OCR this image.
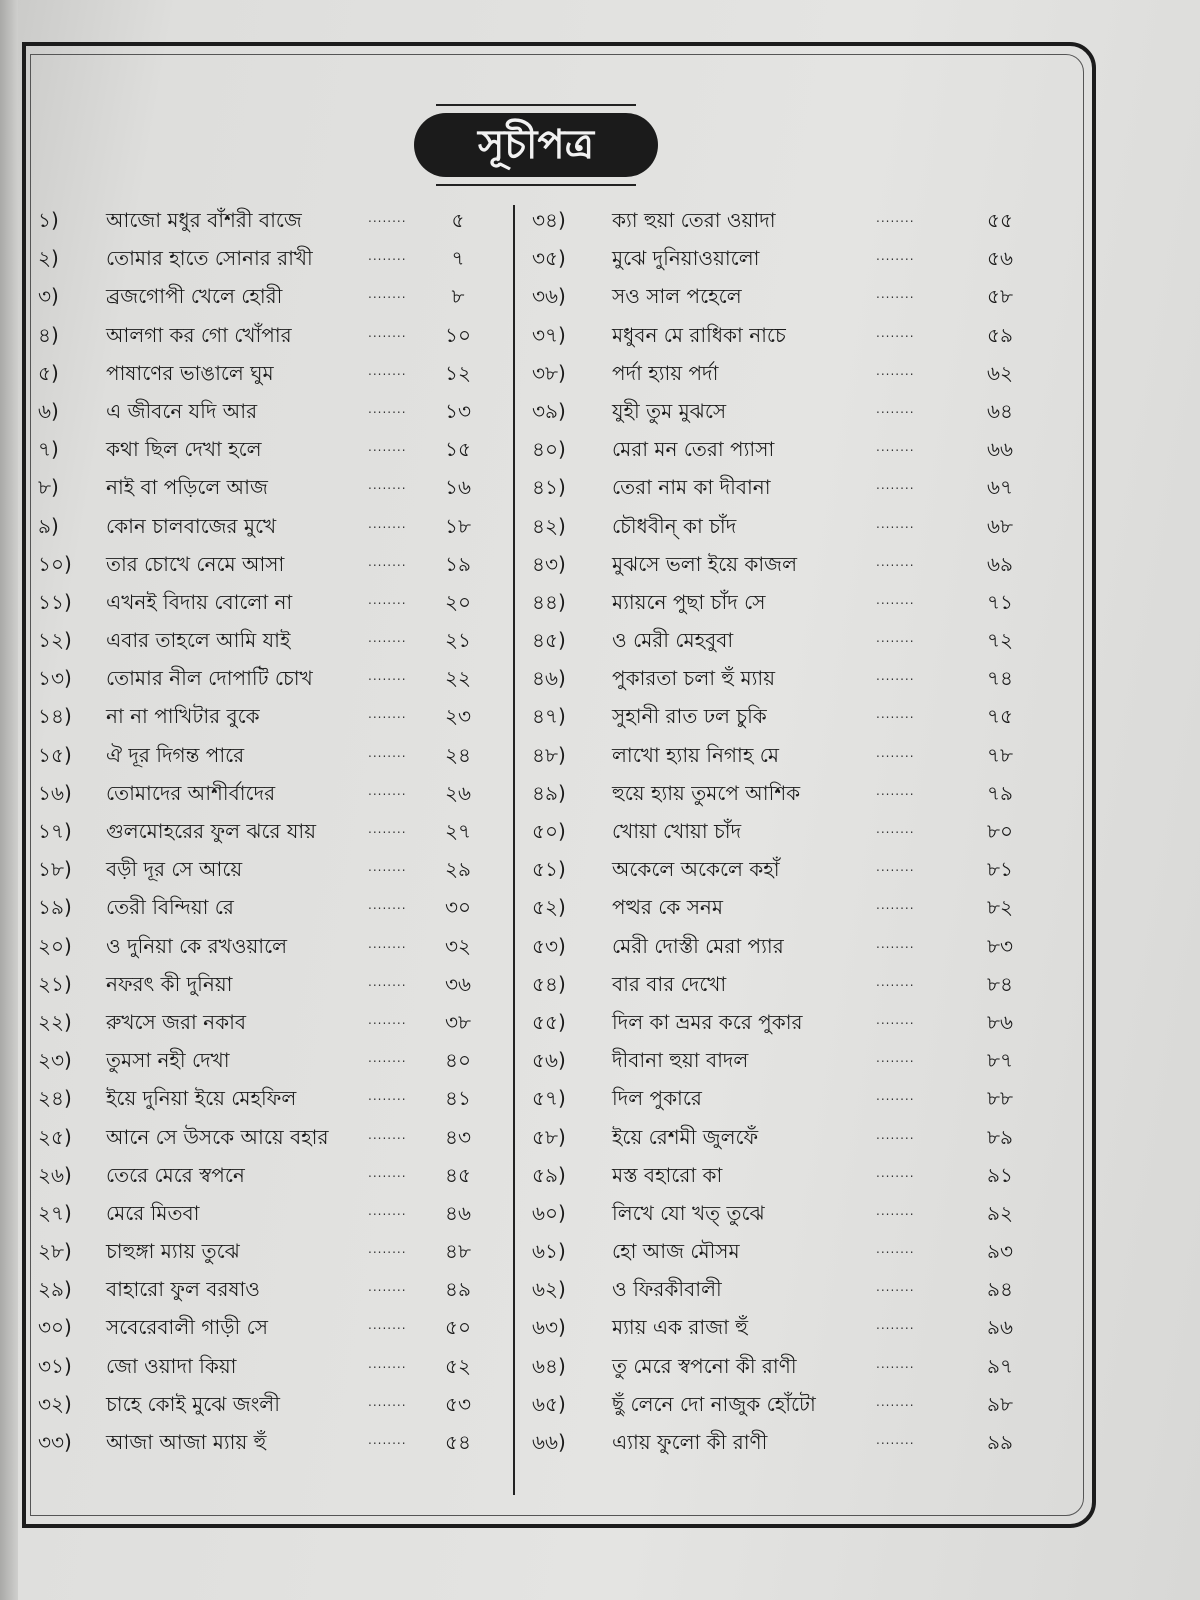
সূচীপত্র
১)	আজো মধুর বাঁশরী বাজে	........	৫
২)	তোমার হাতে সোনার রাখী	........	৭
৩)	ব্রজগোপী খেলে হোরী	........	৮
৪)	আলগা কর গো খোঁপার	........	১০
৫)	পাষাণের ভাঙালে ঘুম	........	১২
৬)	এ জীবনে যদি আর	........	১৩
৭)	কথা ছিল দেখা হলে	........	১৫
৮)	নাই বা পড়িলে আজ	........	১৬
৯)	কোন চালবাজের মুখে	........	১৮
১০)	তার চোখে নেমে আসা	........	১৯
১১)	এখনই বিদায় বোলো না	........	২০
১২)	এবার তাহলে আমি যাই	........	২১
১৩)	তোমার নীল দোপাটি চোখ	........	২২
১৪)	না না পাখিটার বুকে	........	২৩
১৫)	ঐ দূর দিগন্ত পারে	........	২৪
১৬)	তোমাদের আশীর্বাদের	........	২৬
১৭)	গুলমোহরের ফুল ঝরে যায়	........	২৭
১৮)	বড়ী দূর সে আয়ে	........	২৯
১৯)	তেরী বিন্দিয়া রে	........	৩০
২০)	ও দুনিয়া কে রখওয়ালে	........	৩২
২১)	নফরৎ কী দুনিয়া	........	৩৬
২২)	রুখসে জরা নকাব	........	৩৮
২৩)	তুমসা নহী দেখা	........	৪০
২৪)	ইয়ে দুনিয়া ইয়ে মেহফিল	........	৪১
২৫)	আনে সে উসকে আয়ে বহার	........	৪৩
২৬)	তেরে মেরে স্বপনে	........	৪৫
২৭)	মেরে মিতবা	........	৪৬
২৮)	চাহুঙ্গা ম্যায় তুঝে	........	৪৮
২৯)	বাহারো ফুল বরষাও	........	৪৯
৩০)	সবেরেবালী গাড়ী সে	........	৫০
৩১)	জো ওয়াদা কিয়া	........	৫২
৩২)	চাহে কোই মুঝে জংলী	........	৫৩
৩৩)	আজা আজা ম্যায় হুঁ	........	৫৪
৩৪)	ক্যা হুয়া তেরা ওয়াদা	........	৫৫
৩৫)	মুঝে দুনিয়াওয়ালো	........	৫৬
৩৬)	সও সাল পহেলে	........	৫৮
৩৭)	মধুবন মে রাধিকা নাচে	........	৫৯
৩৮)	পর্দা হ্যায় পর্দা	........	৬২
৩৯)	যুহী তুম মুঝসে	........	৬৪
৪০)	মেরা মন তেরা প্যাসা	........	৬৬
৪১)	তেরা নাম কা দীবানা	........	৬৭
৪২)	চৌধবীন্ কা চাঁদ	........	৬৮
৪৩)	মুঝসে ভলা ইয়ে কাজল	........	৬৯
৪৪)	ম্যায়নে পুছা চাঁদ সে	........	৭১
৪৫)	ও মেরী মেহবুবা	........	৭২
৪৬)	পুকারতা চলা হুঁ ম্যায়	........	৭৪
৪৭)	সুহানী রাত ঢল চুকি	........	৭৫
৪৮)	লাখো হ্যায় নিগাহ মে	........	৭৮
৪৯)	হুয়ে হ্যায় তুমপে আশিক	........	৭৯
৫০)	খোয়া খোয়া চাঁদ	........	৮০
৫১)	অকেলে অকেলে কহাঁ	........	৮১
৫২)	পত্থর কে সনম	........	৮২
৫৩)	মেরী দোস্তী মেরা প্যার	........	৮৩
৫৪)	বার বার দেখো	........	৮৪
৫৫)	দিল কা ভ্রমর করে পুকার	........	৮৬
৫৬)	দীবানা হুয়া বাদল	........	৮৭
৫৭)	দিল পুকারে	........	৮৮
৫৮)	ইয়ে রেশমী জুলফেঁ	........	৮৯
৫৯)	মস্ত বহারো কা	........	৯১
৬০)	লিখে যো খত্ তুঝে	........	৯২
৬১)	হো আজ মৌসম	........	৯৩
৬২)	ও ফিরকীবালী	........	৯৪
৬৩)	ম্যায় এক রাজা হুঁ	........	৯৬
৬৪)	তু মেরে স্বপনো কী রাণী	........	৯৭
৬৫)	ছুঁ লেনে দো নাজুক হোঁটো	........	৯৮
৬৬)	এ্যায় ফুলো কী রাণী	........	৯৯
